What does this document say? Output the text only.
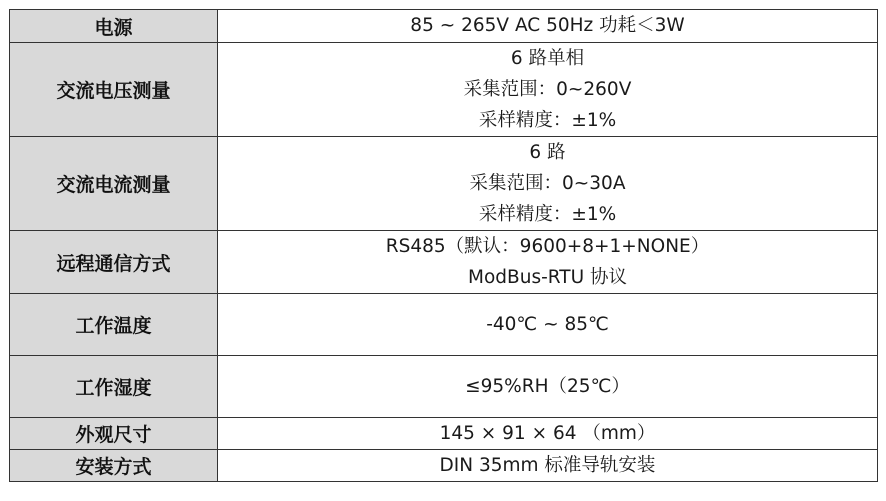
电源	85 ~ 265V AC 50Hz 功耗＜3W

交流电压测量	6 路单相
采集范围：0~260V
采样精度：±1%

交流电流测量	6 路
采集范围：0~30A
采样精度：±1%

远程通信方式	RS485（默认：9600+8+1+NONE）
ModBus-RTU 协议

工作温度	-40℃ ~ 85℃

工作湿度	≤95%RH（25℃）

外观尺寸	145 × 91 × 64 （mm）

安装方式	DIN 35mm 标准导轨安装
